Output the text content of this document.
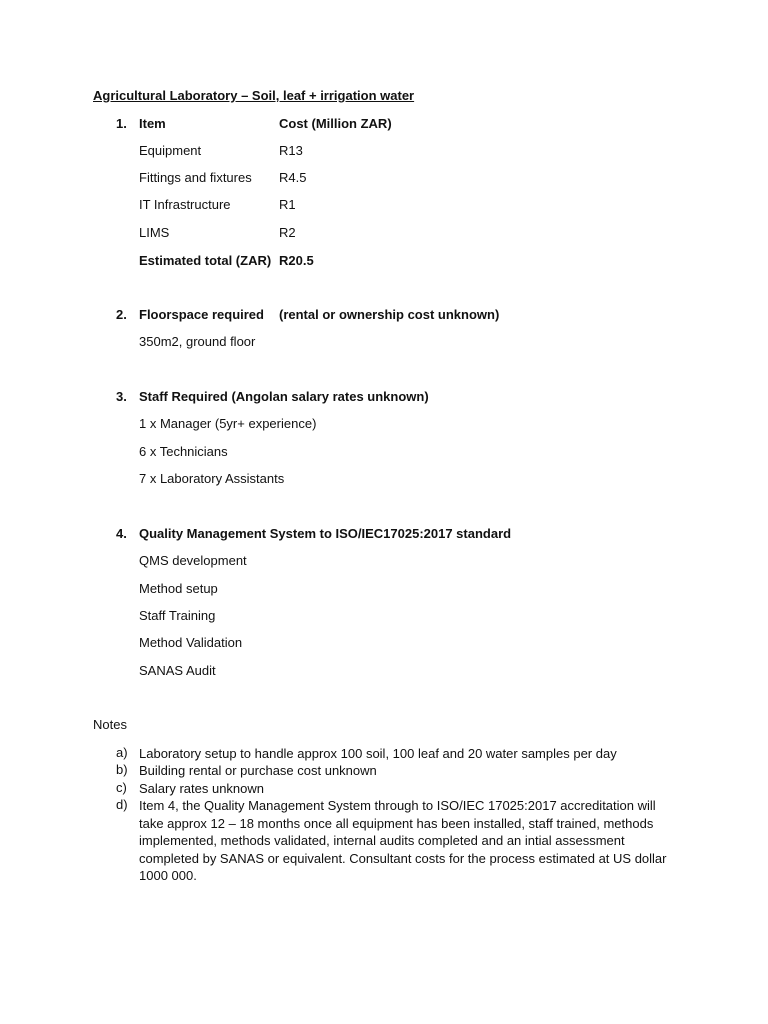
Agricultural Laboratory – Soil, leaf + irrigation water
1. Item	Cost (Million ZAR)
Equipment	R13
Fittings and fixtures R4.5
IT Infrastructure	R1
LIMS	R2
Estimated total (ZAR) R20.5
2. Floorspace required (rental or ownership cost unknown)
350m2, ground floor
3. Staff Required (Angolan salary rates unknown)
1 x Manager (5yr+ experience)
6 x Technicians
7 x Laboratory Assistants
4. Quality Management System to ISO/IEC17025:2017 standard
QMS development
Method setup
Staff Training
Method Validation
SANAS Audit
Notes
a) Laboratory setup to handle approx 100 soil, 100 leaf and 20 water samples per day
b) Building rental or purchase cost unknown
c) Salary rates unknown
d) Item 4, the Quality Management System through to ISO/IEC 17025:2017 accreditation will take approx 12 – 18 months once all equipment has been installed, staff trained, methods implemented, methods validated, internal audits completed and an intial assessment completed by SANAS or equivalent. Consultant costs for the process estimated at US dollar 1000 000.
